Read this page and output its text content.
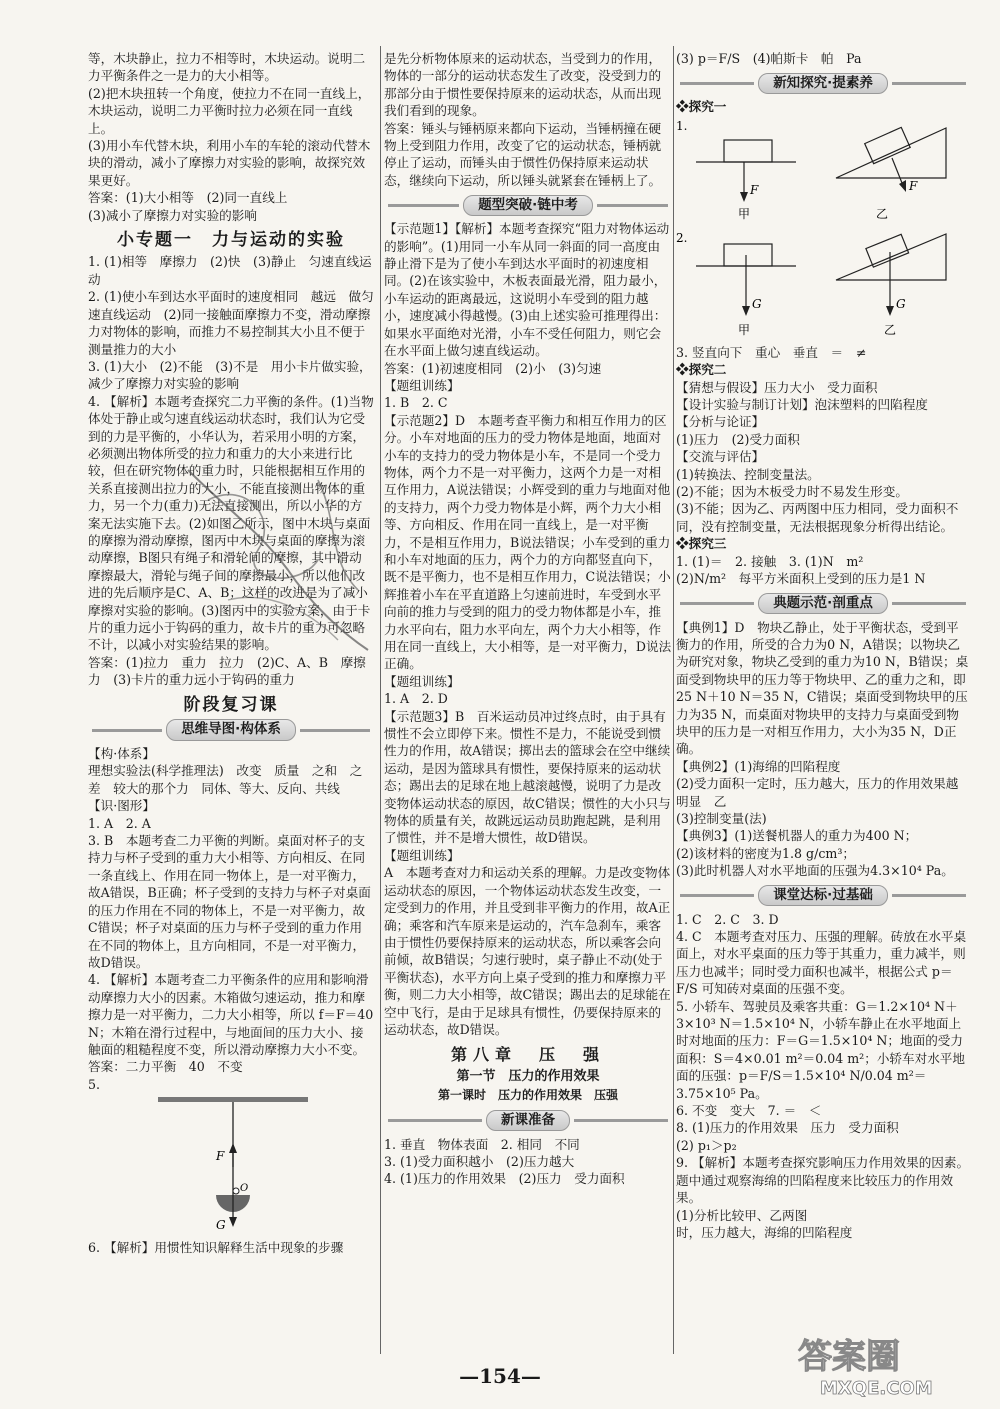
等，木块静止，拉力不相等时，木块运动。说明二力平衡条件之一是力的大小相等。

(2)把木块扭转一个角度，使拉力不在同一直线上，木块运动，说明二力平衡时拉力必须在同一直线上。

(3)用小车代替木块，利用小车的车轮的滚动代替木块的滑动，减小了摩擦力对实验的影响，故探究效果更好。

答案：(1)大小相等　(2)同一直线上

(3)减小了摩擦力对实验的影响

小专题一　力与运动的实验

1. (1)相等　摩擦力　(2)快　(3)静止　匀速直线运动

2. (1)使小车到达水平面时的速度相同　越远　做匀速直线运动　(2)同一接触面摩擦力不变，滑动摩擦力对物体的影响，而推力不易控制其大小且不便于测量推力的大小

3. (1)大小　(2)不能　(3)不是　用小卡片做实验，减少了摩擦力对实验的影响

4. 【解析】本题考查探究二力平衡的条件。(1)当物体处于静止或匀速直线运动状态时，我们认为它受到的力是平衡的，小华认为，若采用小明的方案，必须测出物体所受的拉力和重力的大小来进行比较，但在研究物体的重力时，只能根据相互作用的关系直接测出拉力的大小，不能直接测出物体的重力，另一个力(重力)无法直接测出，所以小华的方案无法实施下去。(2)如图乙所示，图中木块与桌面的摩擦为滑动摩擦，图丙中木块与桌面的摩擦为滚动摩擦，B图只有绳子和滑轮间的摩擦，其中滑动摩擦最大，滑轮与绳子间的摩擦最小，所以他们改进的先后顺序是C、A、B；这样的改进是为了减小摩擦对实验的影响。(3)图丙中的实验方案，由于卡片的重力远小于钩码的重力，故卡片的重力可忽略不计，以减小对实验结果的影响。

答案：(1)拉力　重力　拉力　(2)C、A、B　摩擦力　(3)卡片的重力远小于钩码的重力

阶段复习课
思维导图·构体系

【构·体系】

理想实验法(科学推理法)　改变　质量　之和　之差　较大的那个力　同体、等大、反向、共线

【识·图形】

1. A　2. A

3. B　本题考查二力平衡的判断。桌面对杯子的支持力与杯子受到的重力大小相等、方向相反、在同一条直线上、作用在同一物体上，是一对平衡力，故A错误，B正确；杯子受到的支持力与杯子对桌面的压力作用在不同的物体上，不是一对平衡力，故C错误；杯子对桌面的压力与杯子受到的重力作用在不同的物体上，且方向相同，不是一对平衡力，故D错误。

4. 【解析】本题考查二力平衡条件的应用和影响滑动摩擦力大小的因素。木箱做匀速运动，推力和摩擦力是一对平衡力，二力大小相等，所以 f＝F＝40 N；木箱在滑行过程中，与地面间的压力大小、接触面的粗糙程度不变，所以滑动摩擦力大小不变。

答案：二力平衡　40　不变

5.

F
O
G

6. 【解析】用惯性知识解释生活中现象的步骤

是先分析物体原来的运动状态，当受到力的作用，物体的一部分的运动状态发生了改变，没受到力的那部分由于惯性要保持原来的运动状态，从而出现我们看到的现象。

答案：锤头与锤柄原来都向下运动，当锤柄撞在硬物上受到阻力作用，改变了它的运动状态，锤柄就停止了运动，而锤头由于惯性仍保持原来运动状态，继续向下运动，所以锤头就紧套在锤柄上了。

题型突破·链中考

【示范题1】【解析】本题考查探究“阻力对物体运动的影响”。(1)用同一小车从同一斜面的同一高度由静止滑下是为了使小车到达水平面时的初速度相同。(2)在该实验中，木板表面最光滑，阻力最小，小车运动的距离最远，这说明小车受到的阻力越小，速度减小得越慢。(3)由上述实验可推理得出：如果水平面绝对光滑，小车不受任何阻力，则它会在水平面上做匀速直线运动。

答案：(1)初速度相同　(2)小　(3)匀速

【题组训练】

1. B　2. C

【示范题2】D　本题考查平衡力和相互作用力的区分。小车对地面的压力的受力物体是地面，地面对小车的支持力的受力物体是小车，不是同一个受力物体，两个力不是一对平衡力，这两个力是一对相互作用力，A说法错误；小辉受到的重力与地面对他的支持力，两个力受力物体是小辉，两个力大小相等、方向相反、作用在同一直线上，是一对平衡力，不是相互作用力，B说法错误；小车受到的重力和小车对地面的压力，两个力的方向都竖直向下，既不是平衡力，也不是相互作用力，C说法错误；小辉推着小车在平直道路上匀速前进时，车受到水平向前的推力与受到的阻力的受力物体都是小车，推力水平向右，阻力水平向左，两个力大小相等，作用在同一直线上，大小相等，是一对平衡力，D说法正确。

【题组训练】

1. A　2. D

【示范题3】B　百米运动员冲过终点时，由于具有惯性不会立即停下来。惯性不是力，不能说受到惯性力的作用，故A错误；掷出去的篮球会在空中继续运动，是因为篮球具有惯性，要保持原来的运动状态；踢出去的足球在地上越滚越慢，说明了力是改变物体运动状态的原因，故C错误；惯性的大小只与物体的质量有关，故跳远运动员助跑起跳，是利用了惯性，并不是增大惯性，故D错误。

【题组训练】

A　本题考查对力和运动关系的理解。力是改变物体运动状态的原因，一个物体运动状态发生改变，一定受到力的作用，并且受到非平衡力的作用，故A正确；乘客和汽车原来是运动的，汽车急刹车，乘客由于惯性仍要保持原来的运动状态，所以乘客会向前倾，故B错误；匀速行驶时，桌子静止不动(处于平衡状态)，水平方向上桌子受到的推力和摩擦力平衡，则二力大小相等，故C错误；踢出去的足球能在空中飞行，是由于足球具有惯性，仍要保持原来的运动状态，故D错误。

第八章　压　强
第一节　压力的作用效果
第一课时　压力的作用效果　压强
新课准备

1. 垂直　物体表面　2. 相同　不同

3. (1)受力面积越小　(2)压力越大

4. (1)压力的作用效果　(2)压力　受力面积

(3) p＝F/S　(4)帕斯卡　帕　Pa

新知探究·提素养

❖探究一

1.
F
甲
F
乙
2.
G
甲
G
乙

3. 竖直向下　重心　垂直　＝　≠

❖探究二

【猜想与假设】压力大小　受力面积

【设计实验与制订计划】泡沫塑料的凹陷程度

【分析与论证】

(1)压力　(2)受力面积

【交流与评估】

(1)转换法、控制变量法。

(2)不能；因为木板受力时不易发生形变。

(3)不能；因为乙、丙两图中压力相同，受力面积不同，没有控制变量，无法根据现象分析得出结论。

❖探究三

1. (1)＝　2. 接触　3. (1)N　m²

(2)N/m²　每平方米面积上受到的压力是1 N

典题示范·剖重点

【典例1】D　物块乙静止，处于平衡状态，受到平衡力的作用，所受的合力为0 N，A错误；以物块乙为研究对象，物块乙受到的重力为10 N，B错误；桌面受到物块甲的压力等于物块甲、乙的重力之和，即25 N＋10 N＝35 N，C错误；桌面受到物块甲的压力为35 N，而桌面对物块甲的支持力与桌面受到物块甲的压力是一对相互作用力，大小为35 N，D正确。

【典例2】(1)海绵的凹陷程度

(2)受力面积一定时，压力越大，压力的作用效果越明显　乙

(3)控制变量(法)

【典例3】(1)送餐机器人的重力为400 N；

(2)该材料的密度为1.8 g/cm³；

(3)此时机器人对水平地面的压强为4.3×10⁴ Pa。

课堂达标·过基础

1. C　2. C　3. D

4. C　本题考查对压力、压强的理解。砖放在水平桌面上，对水平桌面的压力等于其重力，重力减半，则压力也减半；同时受力面积也减半，根据公式 p＝F/S 可知砖对桌面的压强不变。

5. 小轿车、驾驶员及乘客共重：G＝1.2×10⁴ N＋3×10³ N＝1.5×10⁴ N，小轿车静止在水平地面上时对地面的压力：F＝G＝1.5×10⁴ N；地面的受力面积：S＝4×0.01 m²＝0.04 m²；小轿车对水平地面的压强：p＝F/S＝1.5×10⁴ N/0.04 m²＝3.75×10⁵ Pa。

6. 不变　变大　7. ＝　＜

8. (1)压力的作用效果　压力　受力面积

(2) p₁＞p₂

9. 【解析】本题考查探究影响压力作用效果的因素。题中通过观察海绵的凹陷程度来比较压力的作用效果。

(1)分析比较甲、乙两图

时，压力越大，海绵的凹陷程度

—154—	答案圈
MXQE.COM
